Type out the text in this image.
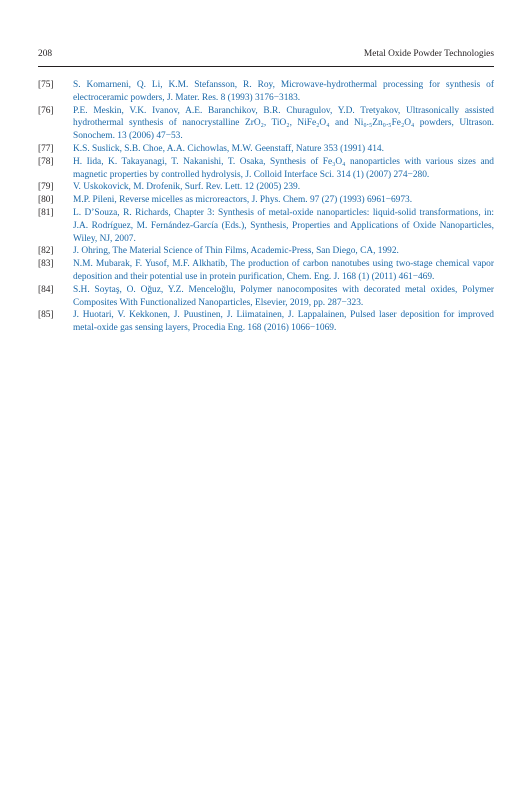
208	Metal Oxide Powder Technologies
[75] S. Komarneni, Q. Li, K.M. Stefansson, R. Roy, Microwave-hydrothermal processing for synthesis of electroceramic powders, J. Mater. Res. 8 (1993) 3176−3183.
[76] P.E. Meskin, V.K. Ivanov, A.E. Baranchikov, B.R. Churagulov, Y.D. Tretyakov, Ultrasonically assisted hydrothermal synthesis of nanocrystalline ZrO₂, TiO₂, NiFe₂O₄ and Ni₀.₅Zn₀.₅Fe₂O₄ powders, Ultrason. Sonochem. 13 (2006) 47−53.
[77] K.S. Suslick, S.B. Choe, A.A. Cichowlas, M.W. Geenstaff, Nature 353 (1991) 414.
[78] H. Iida, K. Takayanagi, T. Nakanishi, T. Osaka, Synthesis of Fe₃O₄ nanoparticles with various sizes and magnetic properties by controlled hydrolysis, J. Colloid Interface Sci. 314 (1) (2007) 274−280.
[79] V. Uskokovick, M. Drofenik, Surf. Rev. Lett. 12 (2005) 239.
[80] M.P. Pileni, Reverse micelles as microreactors, J. Phys. Chem. 97 (27) (1993) 6961−6973.
[81] L. D’Souza, R. Richards, Chapter 3: Synthesis of metal-oxide nanoparticles: liquid-solid transformations, in: J.A. Rodríguez, M. Fernández-García (Eds.), Synthesis, Properties and Applications of Oxide Nanoparticles, Wiley, NJ, 2007.
[82] J. Ohring, The Material Science of Thin Films, Academic-Press, San Diego, CA, 1992.
[83] N.M. Mubarak, F. Yusof, M.F. Alkhatib, The production of carbon nanotubes using two-stage chemical vapor deposition and their potential use in protein purification, Chem. Eng. J. 168 (1) (2011) 461−469.
[84] S.H. Soytaş, O. Oğuz, Y.Z. Menceloğlu, Polymer nanocomposites with decorated metal oxides, Polymer Composites With Functionalized Nanoparticles, Elsevier, 2019, pp. 287−323.
[85] J. Huotari, V. Kekkonen, J. Puustinen, J. Liimatainen, J. Lappalainen, Pulsed laser deposition for improved metal-oxide gas sensing layers, Procedia Eng. 168 (2016) 1066−1069.
